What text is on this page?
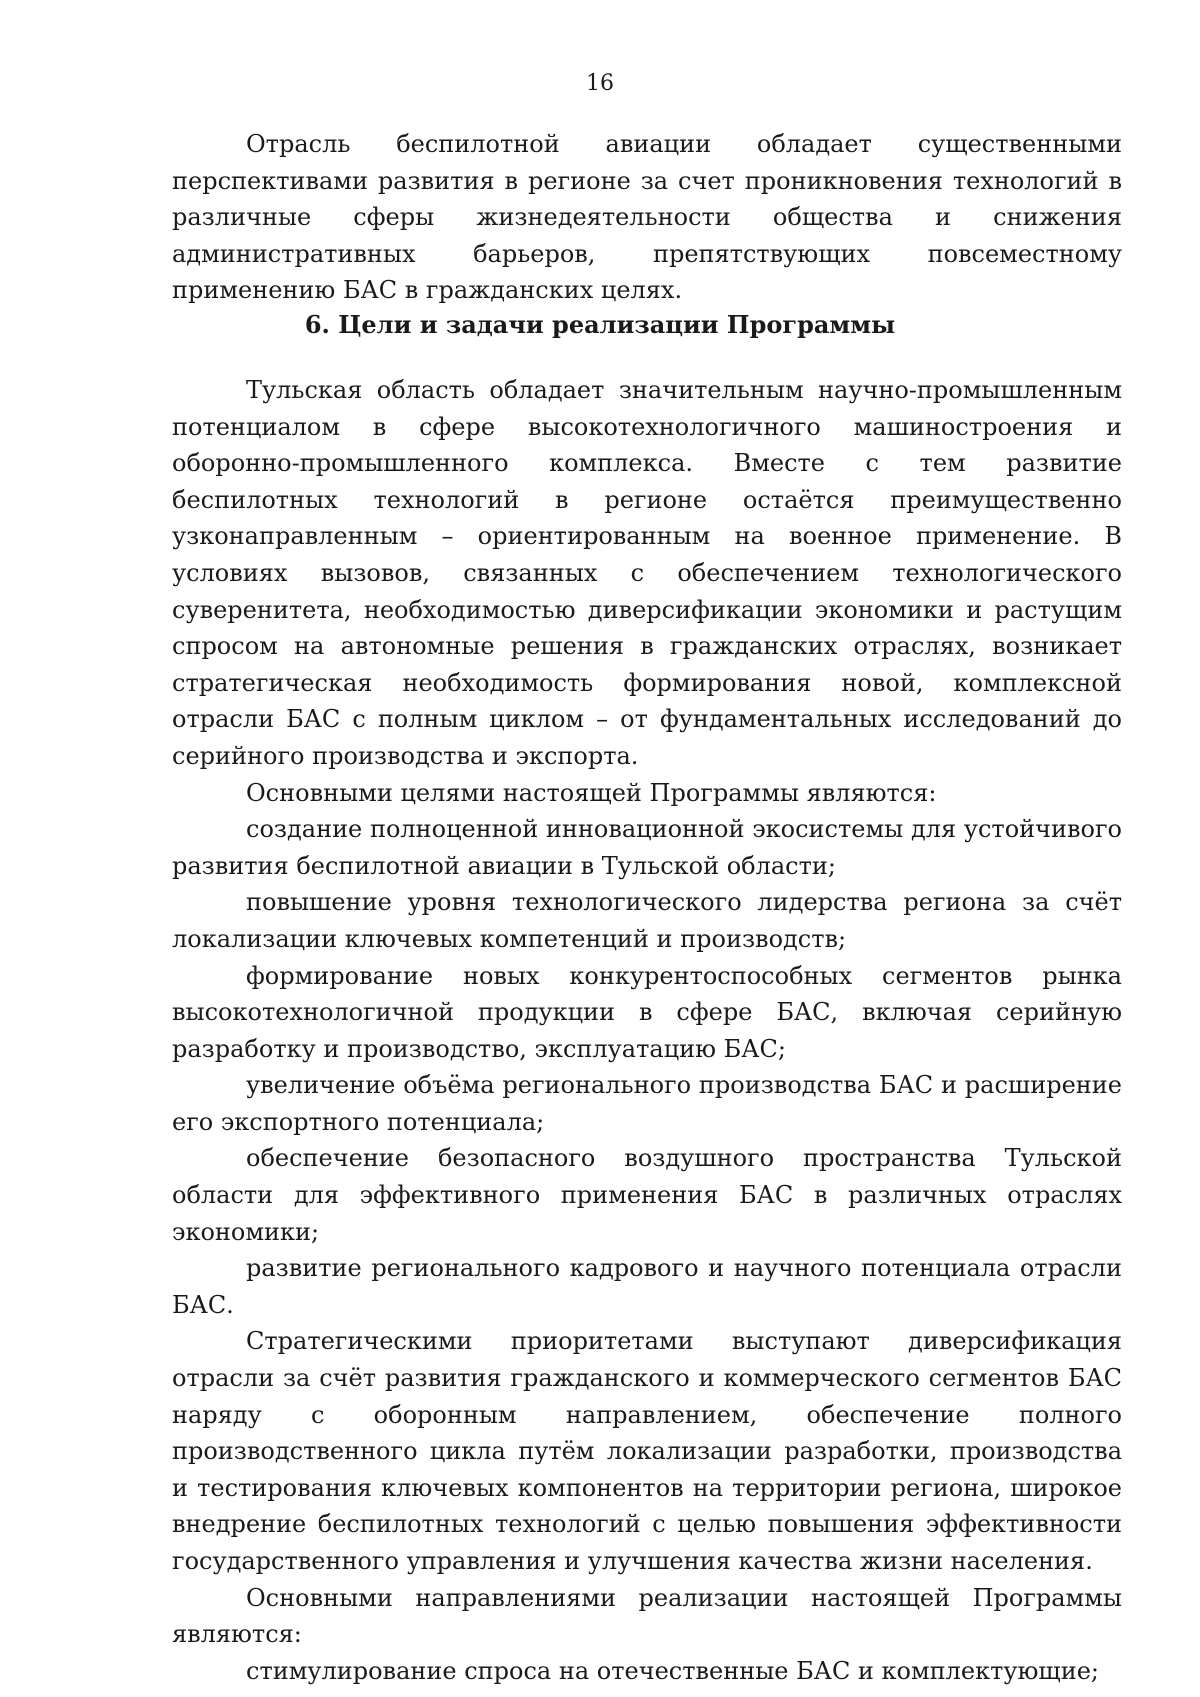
16

Отрасль беспилотной авиации обладает существенными перспективами развития в регионе за счет проникновения технологий в различные сферы жизнедеятельности общества и снижения административных барьеров, препятствующих повсеместному применению БАС в гражданских целях.

6. Цели и задачи реализации Программы

Тульская область обладает значительным научно-промышленным потенциалом в сфере высокотехнологичного машиностроения и оборонно-промышленного комплекса. Вместе с тем развитие беспилотных технологий в регионе остаётся преимущественно узконаправленным – ориентированным на военное применение. В условиях вызовов, связанных с обеспечением технологического суверенитета, необходимостью диверсификации экономики и растущим спросом на автономные решения в гражданских отраслях, возникает стратегическая необходимость формирования новой, комплексной отрасли БАС с полным циклом – от фундаментальных исследований до серийного производства и экспорта.

Основными целями настоящей Программы являются:

создание полноценной инновационной экосистемы для устойчивого развития беспилотной авиации в Тульской области;

повышение уровня технологического лидерства региона за счёт локализации ключевых компетенций и производств;

формирование новых конкурентоспособных сегментов рынка высокотехнологичной продукции в сфере БАС, включая серийную разработку и производство, эксплуатацию БАС;

увеличение объёма регионального производства БАС и расширение его экспортного потенциала;

обеспечение безопасного воздушного пространства Тульской области для эффективного применения БАС в различных отраслях экономики;

развитие регионального кадрового и научного потенциала отрасли БАС.

Стратегическими приоритетами выступают диверсификация отрасли за счёт развития гражданского и коммерческого сегментов БАС наряду с оборонным направлением, обеспечение полного производственного цикла путём локализации разработки, производства и тестирования ключевых компонентов на территории региона, широкое внедрение беспилотных технологий с целью повышения эффективности государственного управления и улучшения качества жизни населения.

Основными направлениями реализации настоящей Программы являются:

стимулирование спроса на отечественные БАС и комплектующие;
